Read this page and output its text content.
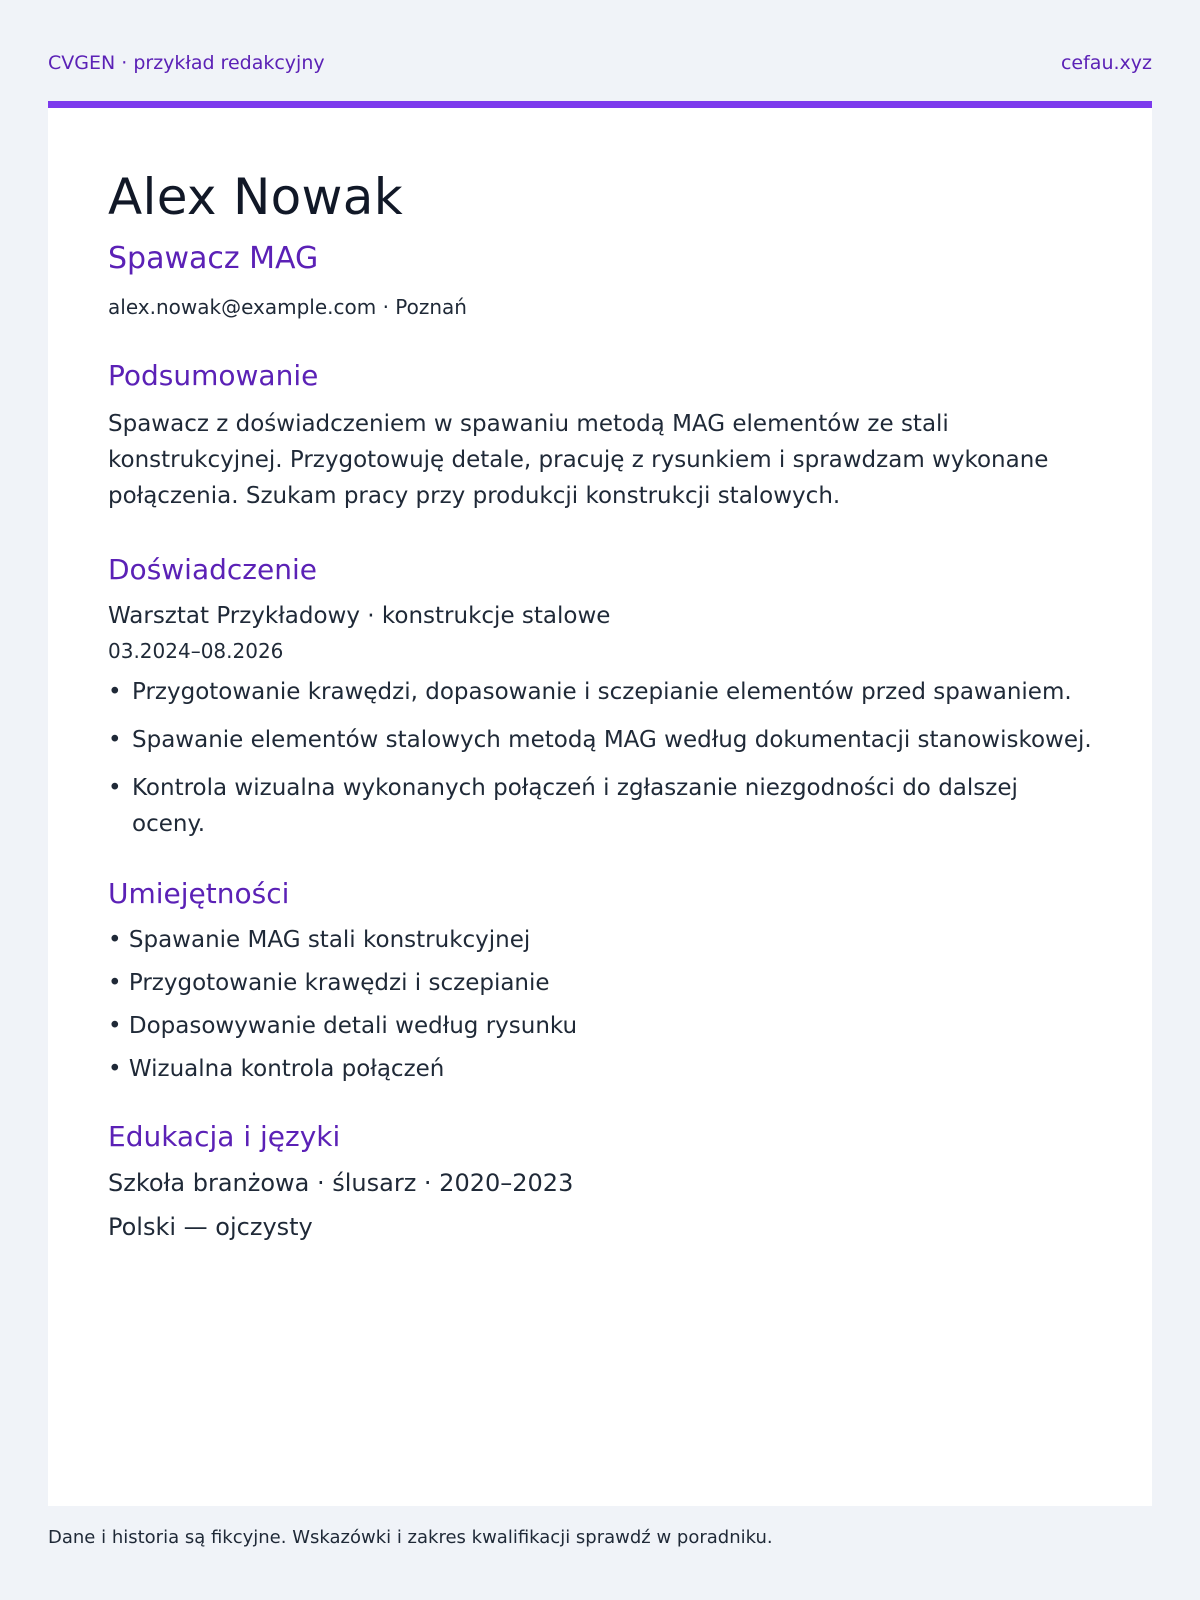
CVGEN · przykład redakcyjny	cefau.xyz
Alex Nowak
Spawacz MAG
alex.nowak@example.com · Poznań
Podsumowanie

Spawacz z doświadczeniem w spawaniu metodą MAG elementów ze stali konstrukcyjnej. Przygotowuję detale, pracuję z rysunkiem i sprawdzam wykonane połączenia. Szukam pracy przy produkcji konstrukcji stalowych.

Doświadczenie
Warsztat Przykładowy · konstrukcje stalowe
03.2024–08.2026
• Przygotowanie krawędzi, dopasowanie i sczepianie elementów przed spawaniem.
• Spawanie elementów stalowych metodą MAG według dokumentacji stanowiskowej.
• Kontrola wizualna wykonanych połączeń i zgłaszanie niezgodności do dalszej oceny.
Umiejętności
• Spawanie MAG stali konstrukcyjnej
• Przygotowanie krawędzi i sczepianie
• Dopasowywanie detali według rysunku
• Wizualna kontrola połączeń
Edukacja i języki
Szkoła branżowa · ślusarz · 2020–2023
Polski — ojczysty
Dane i historia są fikcyjne. Wskazówki i zakres kwalifikacji sprawdź w poradniku.
